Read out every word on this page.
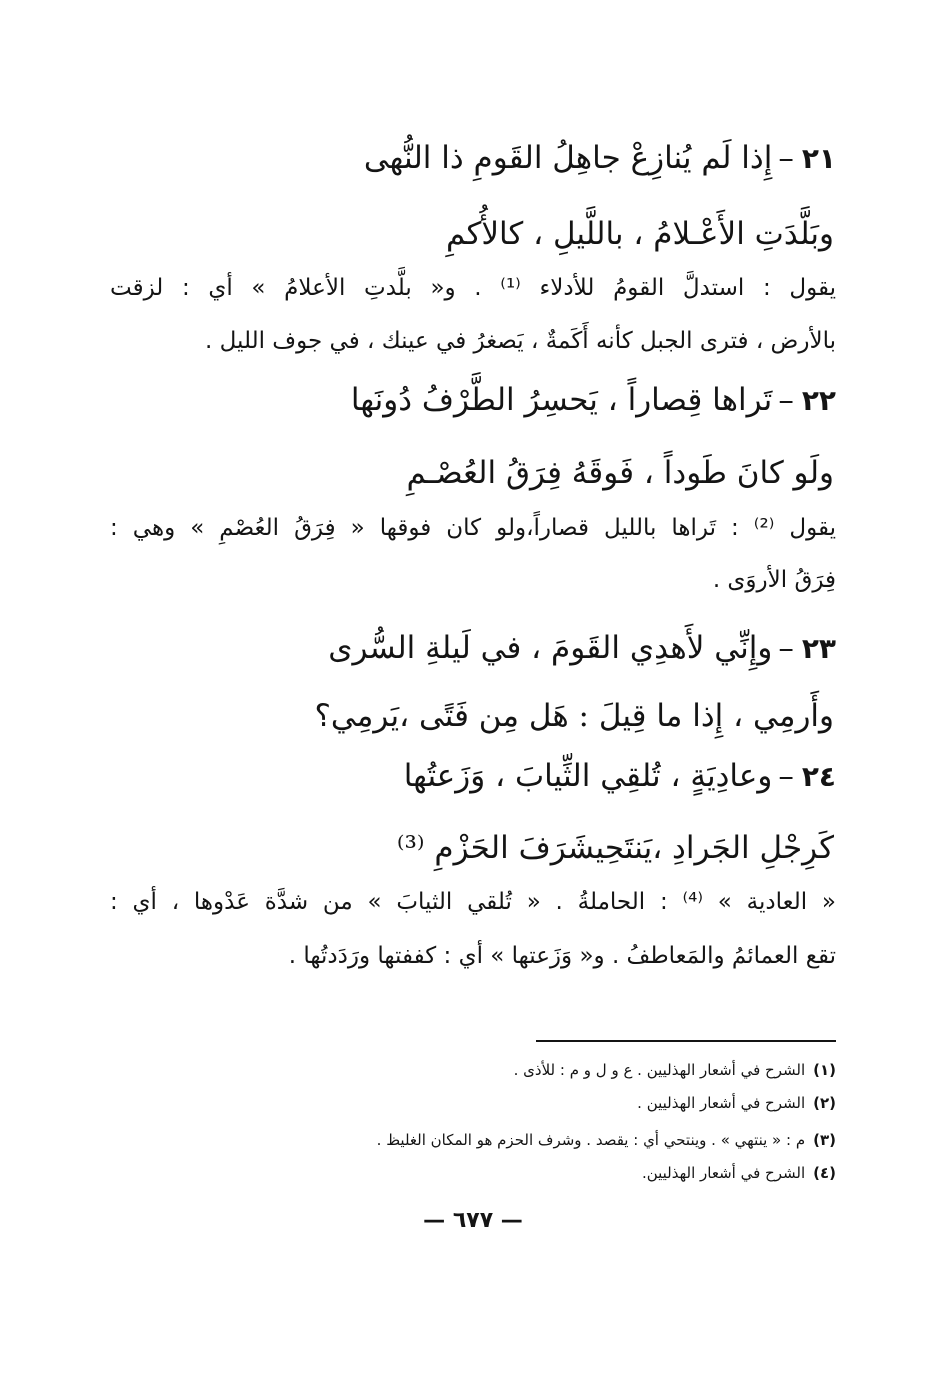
٢١–إِذا لَم يُنازِعْ جاهِلُ القَومِ ذا النُّهى
وبَلَّدَتِ الأَعْـلامُ ، باللَّيلِ ، كالأُكمِ
يقول : استدلَّ القومُ للأدلاء ⁽¹⁾ . و« بلَّدتِ الأعلامُ » أي : لزقت
بالأرض ، فترى الجبل كأنه أَكَمةٌ ، يَصغرُ في عينك ، في جوف الليل .
٢٢–تَراها قِصاراً ، يَحسِرُ الطَّرْفُ دُونَها
ولَو كانَ طَوداً ، فَوقَهُ فِرَقُ العُصْـمِ
يقول ⁽²⁾ : تَراها بالليل قصاراً،ولو كان فوقها « فِرَقُ العُصْمِ » وهي :
فِرَقُ الأروَى .
٢٣–وإِنِّي لأَهدِي القَومَ ، في لَيلةِ السُّرى
وأَرمِي ، إِذا ما قِيلَ : هَل مِن فَتًى ،يَرمِي؟
٢٤–وعادِيَةٍ ، تُلقِي الثِّيابَ ، وَزَعتُها
كَرِجْلِ الجَرادِ ،يَنتَحِيشَرَفَ الحَزْمِ ⁽³⁾
« العادية » ⁽⁴⁾ : الحاملةُ . « تُلقي الثيابَ » من شدَّة عَدْوها ، أي :
تقع العمائمُ والمَعاطفُ . و« وَزَعتها » أي : كففتها ورَدَدتُها .
(١)الشرح في أشعار الهذليين . ع و ل و م : للأذى .
(٢)الشرح في أشعار الهذليين .
(٣)م : « ينتهي » . وينتحي أي : يقصد . وشرف الحزم هو المكان الغليظ .
(٤)الشرح في أشعار الهذليين.
— ٦٧٧ —
